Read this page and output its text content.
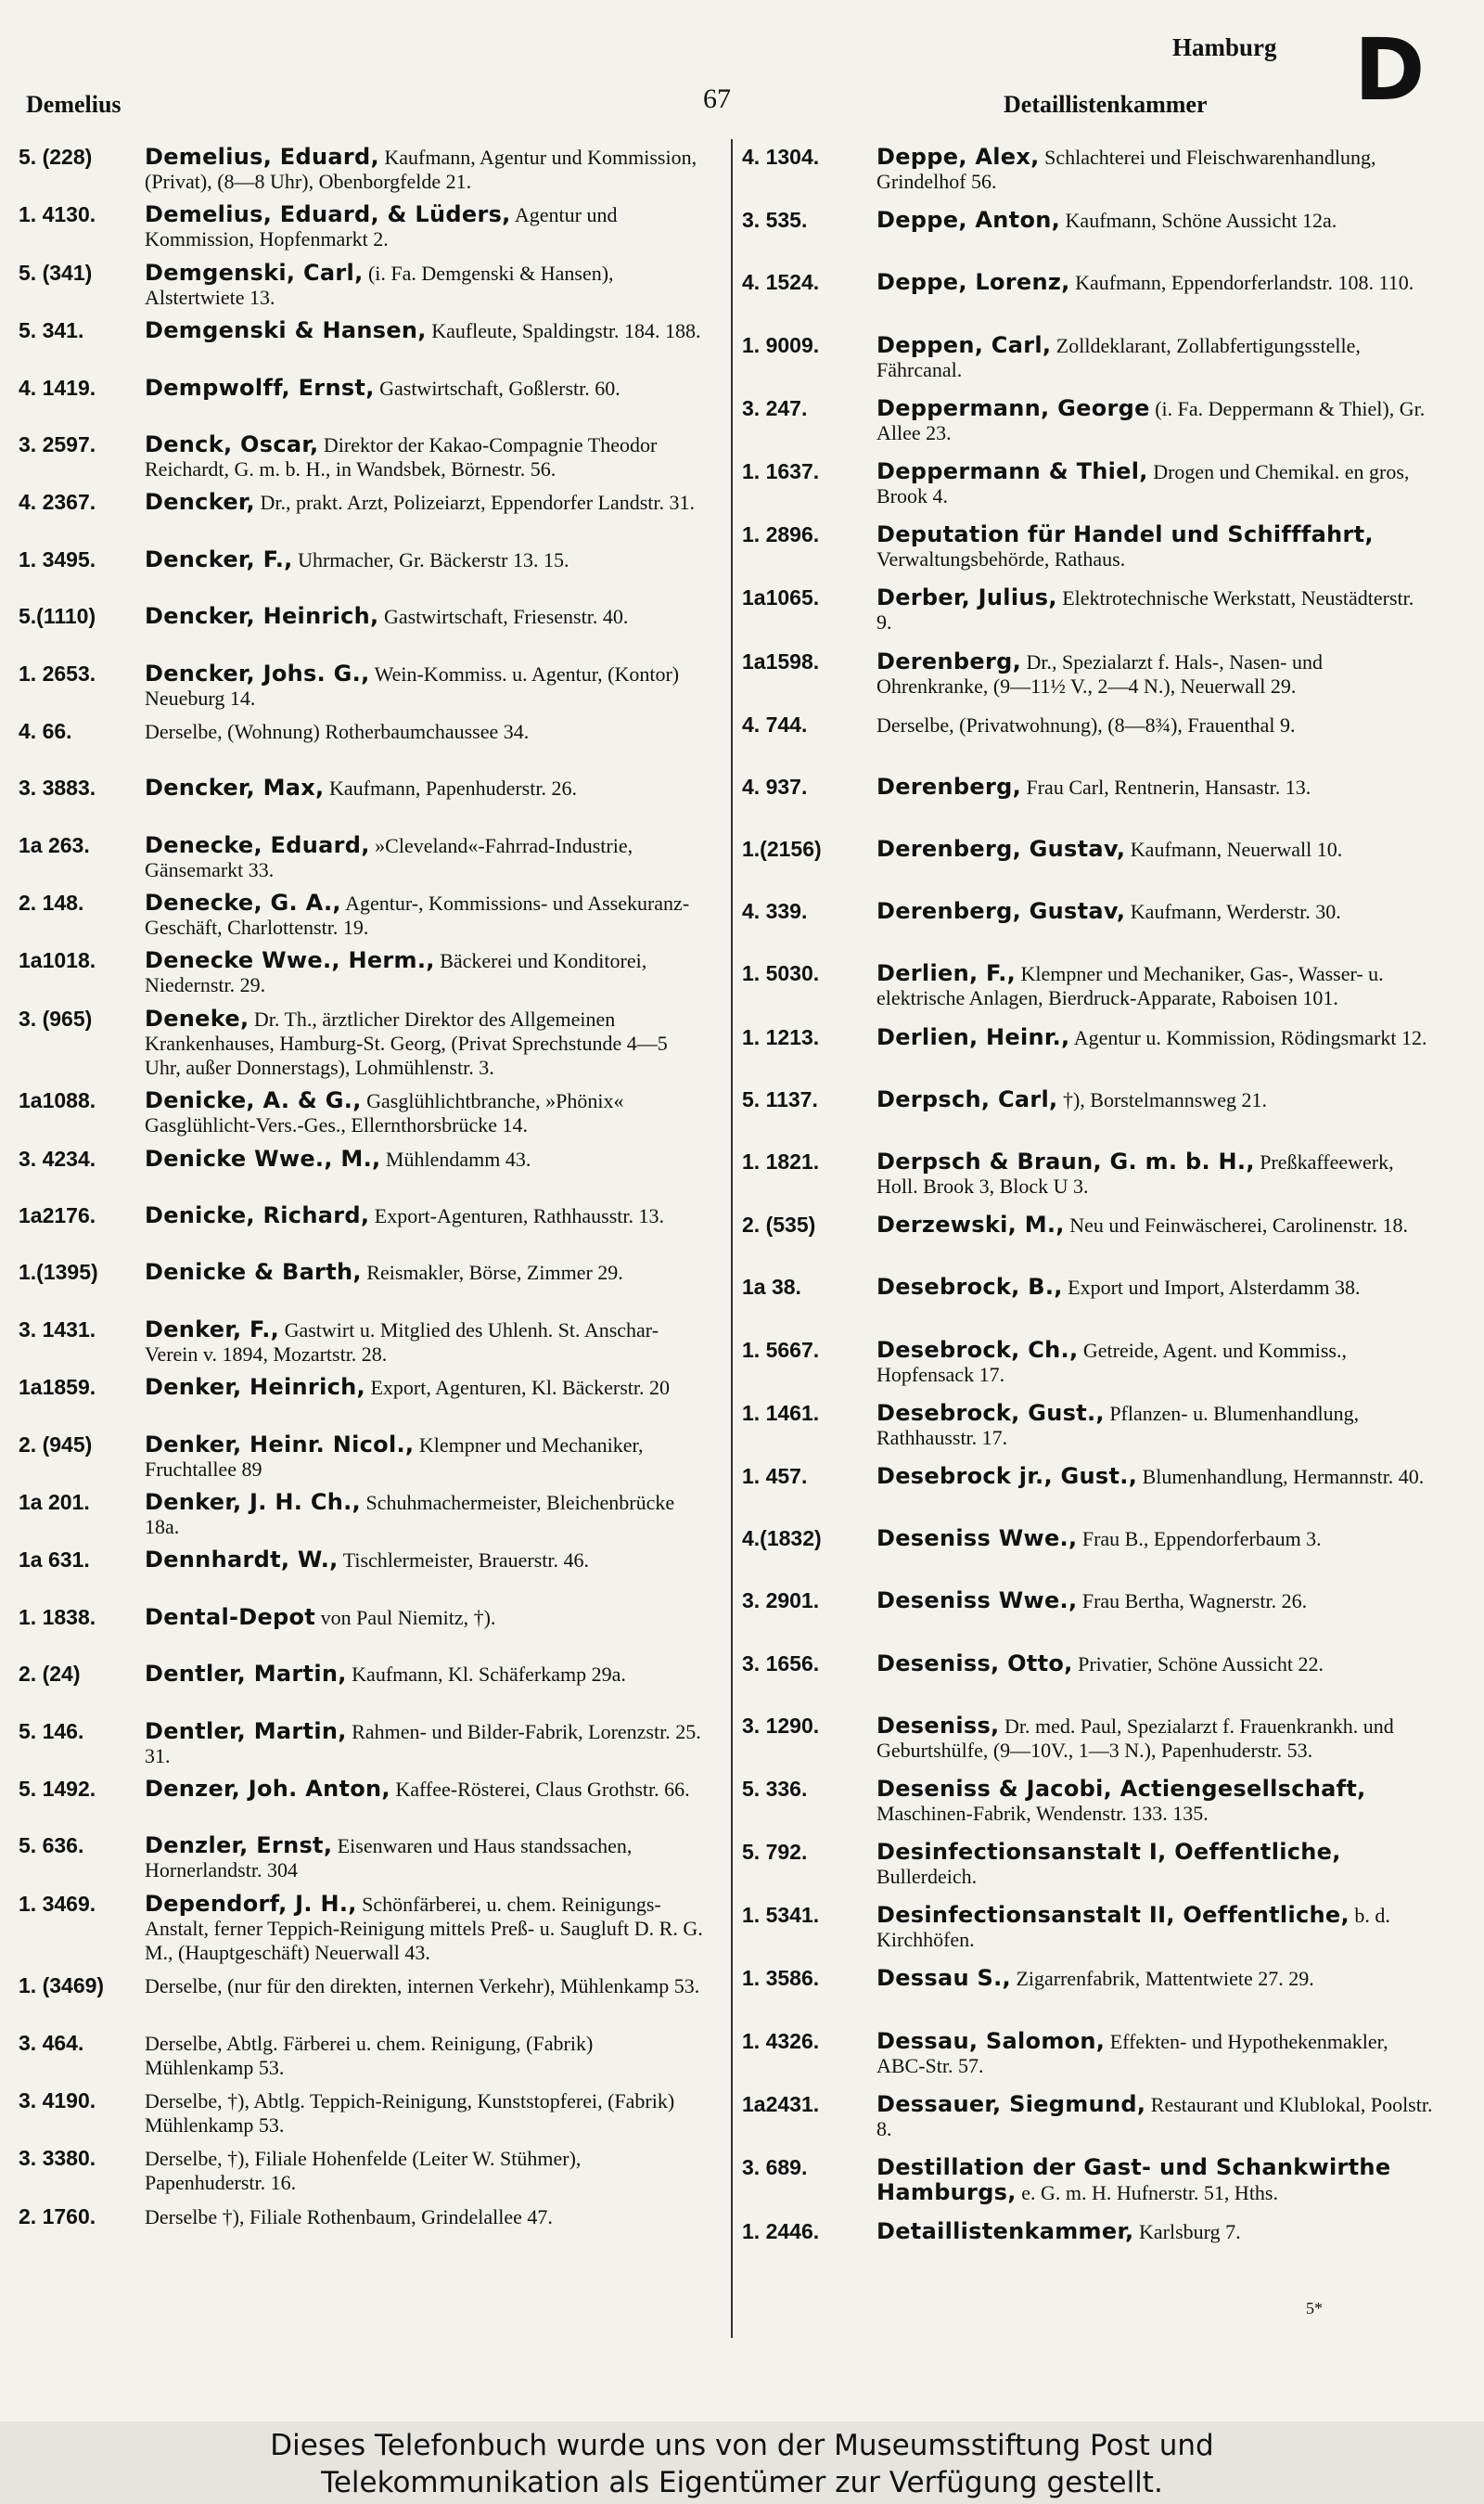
Demelius	67	Detaillistenkammer
Hamburg D
5. (228) Demelius, Eduard, Kaufmann, Agentur und Kommission, (Privat), (8—8 Uhr), Obenborgfelde 21.
1. 4130. Demelius, Eduard, & Lüders, Agentur und Kommission, Hopfenmarkt 2.
5. (341) Demgenski, Carl, (i. Fa. Demgenski & Hansen), Alstertwiete 13.
5. 341.	Demgenski & Hansen, Kaufleute, Spaldingstr. 184. 188.
4. 1419. Dempwolff, Ernst, Gastwirtschaft, Goßlerstr. 60.
3. 2597. Denck, Oscar, Direktor der Kakao-Compagnie Theodor Reichardt, G. m. b. H., in Wandsbek, Börnestr. 56.
4. 2367. Dencker, Dr., prakt. Arzt, Polizeiarzt, Eppendorfer Landstr. 31.
1. 3495. Dencker, F., Uhrmacher, Gr. Bäckerstr 13. 15.
5.(1110) Dencker, Heinrich, Gastwirtschaft, Friesenstr. 40.
1. 2653. Dencker, Johs. G., Wein-Kommiss. u. Agentur, (Kontor) Neueburg 14.
4. 66.	Derselbe, (Wohnung) Rotherbaumchaussee 34.
3. 3883. Dencker, Max, Kaufmann, Papenhuderstr. 26.
1a 263. Denecke, Eduard, »Cleveland«-Fahrrad-Industrie, Gänsemarkt 33.
2. 148.	Denecke, G. A., Agentur-, Kommissions- und Assekuranz-Geschäft, Charlottenstr. 19.
1a1018. Denecke Wwe., Herm., Bäckerei und Konditorei, Niedernstr. 29.
3. (965) Deneke, Dr. Th., ärztlicher Direktor des Allgemeinen Krankenhauses, Hamburg-St. Georg, (Privat Sprechstunde 4—5 Uhr, außer Donnerstags), Lohmühlenstr. 3.
1a1088. Denicke, A. & G., Gasglühlichtbranche, »Phönix« Gasglühlicht-Vers.-Ges., Ellernthorsbrücke 14.
3. 4234. Denicke Wwe., M., Mühlendamm 43.
1a2176. Denicke, Richard, Export-Agenturen, Rathhausstr. 13.
1.(1395) Denicke & Barth, Reismakler, Börse, Zimmer 29.
3. 1431. Denker, F., Gastwirt u. Mitglied des Uhlenh. St. Anschar-Verein v. 1894, Mozartstr. 28.
1a1859. Denker, Heinrich, Export, Agenturen, Kl. Bäckerstr. 20
2. (945) Denker, Heinr. Nicol., Klempner und Mechaniker, Fruchtallee 89
1a 201. Denker, J. H. Ch., Schuhmachermeister, Bleichenbrücke 18a.
1a 631. Dennhardt, W., Tischlermeister, Brauerstr. 46.
1. 1838. Dental-Depot von Paul Niemitz, †).
2. (24)	Dentler, Martin, Kaufmann, Kl. Schäferkamp 29a.
5. 146.	Dentler, Martin, Rahmen- und Bilder-Fabrik, Lorenzstr. 25. 31.
5. 1492. Denzer, Joh. Anton, Kaffee-Rösterei, Claus Grothstr. 66.
5. 636.	Denzler, Ernst, Eisenwaren und Haus standssachen, Hornerlandstr. 304
1. 3469. Dependorf, J. H., Schönfärberei, u. chem. Reinigungs-Anstalt, ferner Teppich-Reinigung mittels Preß- u. Saugluft D. R. G. M., (Hauptgeschäft) Neuerwall 43.
1. (3469) Derselbe, (nur für den direkten, internen Verkehr), Mühlenkamp 53.
3. 464.	Derselbe, Abtlg. Färberei u. chem. Reinigung, (Fabrik) Mühlenkamp 53.
3. 4190. Derselbe, †), Abtlg. Teppich-Reinigung, Kunststopferei, (Fabrik) Mühlenkamp 53.
3. 3380. Derselbe, †), Filiale Hohenfelde (Leiter W. Stühmer), Papenhuderstr. 16.
2. 1760. Derselbe †), Filiale Rothenbaum, Grindelallee 47.
4. 1304.	Deppe, Alex, Schlachterei und Fleischwarenhandlung, Grindelhof 56.
3. 535.	Deppe, Anton, Kaufmann, Schöne Aussicht 12a.
4. 1524.	Deppe, Lorenz, Kaufmann, Eppendorferlandstr. 108. 110.
1. 9009.	Deppen, Carl, Zolldeklarant, Zollabfertigungsstelle, Fährcanal.
3. 247.	Deppermann, George (i. Fa. Deppermann & Thiel), Gr. Allee 23.
1. 1637.	Deppermann & Thiel, Drogen und Chemikal. en gros, Brook 4.
1. 2896.	Deputation für Handel und Schifffahrt, Verwaltungsbehörde, Rathaus.
1a1065.	Derber, Julius, Elektrotechnische Werkstatt, Neustädterstr. 9.
1a1598.	Derenberg, Dr., Spezialarzt f. Hals-, Nasen- und Ohrenkranke, (9—11½ V., 2—4 N.), Neuerwall 29.
4. 744.	Derselbe, (Privatwohnung), (8—8¾), Frauenthal 9.
4. 937.	Derenberg, Frau Carl, Rentnerin, Hansastr. 13.
1.(2156) Derenberg, Gustav, Kaufmann, Neuerwall 10.
4. 339.	Derenberg, Gustav, Kaufmann, Werderstr. 30.
1. 5030.	Derlien, F., Klempner und Mechaniker, Gas-, Wasser- u. elektrische Anlagen, Bierdruck-Apparate, Raboisen 101.
1. 1213.	Derlien, Heinr., Agentur u. Kommission, Rödingsmarkt 12.
5. 1137.	Derpsch, Carl, †), Borstelmannsweg 21.
1. 1821.	Derpsch & Braun, G. m. b. H., Preßkaffeewerk, Holl. Brook 3, Block U 3.
2. (535)	Derzewski, M., Neu und Feinwäscherei, Carolinenstr. 18.
1a 38.	Desebrock, B., Export und Import, Alsterdamm 38.
1. 5667.	Desebrock, Ch., Getreide, Agent. und Kommiss., Hopfensack 17.
1. 1461.	Desebrock, Gust., Pflanzen- u. Blumenhandlung, Rathhausstr. 17.
1. 457.	Desebrock jr., Gust., Blumenhandlung, Hermannstr. 40.
4.(1832) Deseniss Wwe., Frau B., Eppendorferbaum 3.
3. 2901.	Deseniss Wwe., Frau Bertha, Wagnerstr. 26.
3. 1656.	Deseniss, Otto, Privatier, Schöne Aussicht 22.
3. 1290.	Deseniss, Dr. med. Paul, Spezialarzt f. Frauenkrankh. und Geburtshülfe, (9—10V., 1—3 N.), Papenhuderstr. 53.
5. 336.	Deseniss & Jacobi, Actiengesellschaft, Maschinen-Fabrik, Wendenstr. 133. 135.
5. 792.	Desinfectionsanstalt I, Oeffentliche, Bullerdeich.
1. 5341.	Desinfectionsanstalt II, Oeffentliche, b. d. Kirchhöfen.
1. 3586.	Dessau S., Zigarrenfabrik, Mattentwiete 27. 29.
1. 4326.	Dessau, Salomon, Effekten- und Hypothekenmakler, ABC-Str. 57.
1a2431.	Dessauer, Siegmund, Restaurant und Klublokal, Poolstr. 8.
3. 689.	Destillation der Gast- und Schankwirthe Hamburgs, e. G. m. H. Hufnerstr. 51, Hths.
1. 2446.	Detaillistenkammer, Karlsburg 7.
5*
Dieses Telefonbuch wurde uns von der Museumsstiftung Post und
Telekommunikation als Eigentümer zur Verfügung gestellt.
